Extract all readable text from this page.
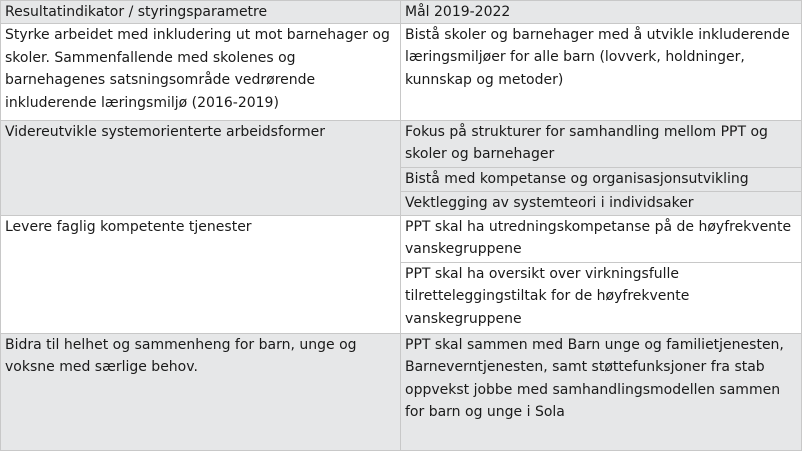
Resultatindikator / styringsparametre	Mål 2019-2022
Styrke arbeidet med inkludering ut mot barnehager og skoler. Sammenfallende med skolenes og barnehagenes satsningsområde vedrørende inkluderende læringsmiljø (2016-2019)	Bistå skoler og barnehager med å utvikle inkluderende læringsmiljøer for alle barn (lovverk, holdninger, kunnskap og metoder)
Videreutvikle systemorienterte arbeidsformer	Fokus på strukturer for samhandling mellom PPT og skoler og barnehager
	Bistå med kompetanse og organisasjonsutvikling
	Vektlegging av systemteori i individsaker
Levere faglig kompetente tjenester	PPT skal ha utredningskompetanse på de høyfrekvente vanskegruppene
	PPT skal ha oversikt over virkningsfulle tilretteleggingstiltak for de høyfrekvente vanskegruppene
Bidra til helhet og sammenheng for barn, unge og voksne med særlige behov.	PPT skal sammen med Barn unge og familietjenesten, Barneverntjenesten, samt støttefunksjoner fra stab oppvekst jobbe med samhandlingsmodellen sammen for barn og unge i Sola
